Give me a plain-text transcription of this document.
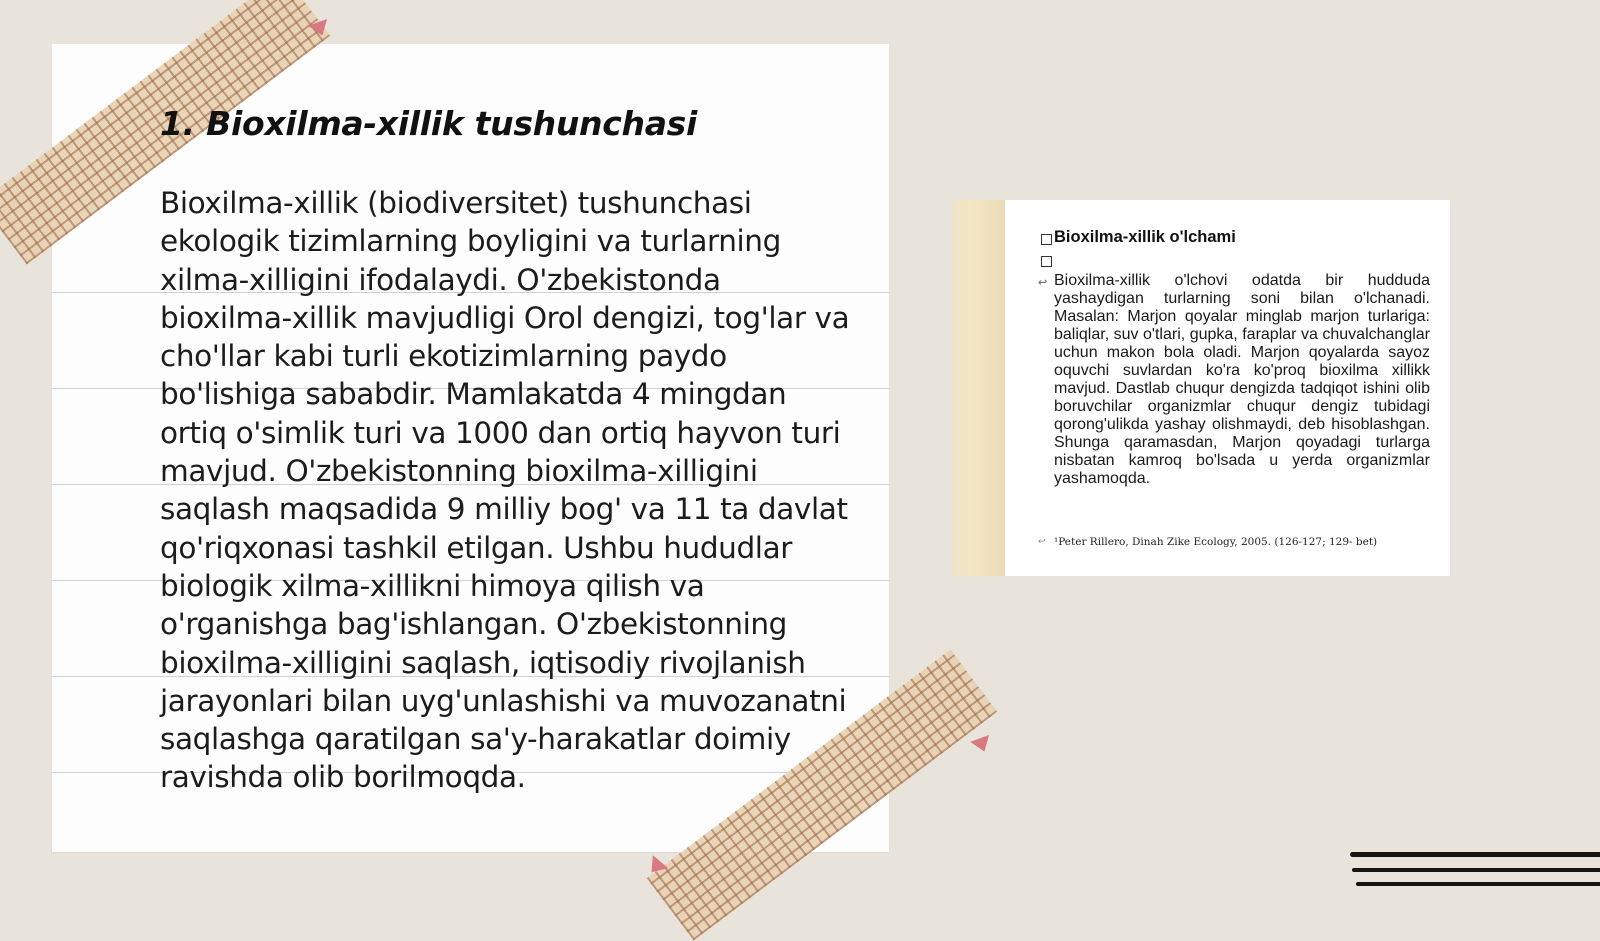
1. Bioxilma-xillik tushunchasi

Bioxilma-xillik (biodiversitet) tushunchasi ekologik tizimlarning boyligini va turlarning xilma-xilligini ifodalaydi. O'zbekistonda bioxilma-xillik mavjudligi Orol dengizi, tog'lar va cho'llar kabi turli ekotizimlarning paydo bo'lishiga sababdir. Mamlakatda 4 mingdan ortiq o'simlik turi va 1000 dan ortiq hayvon turi mavjud. O'zbekistonning bioxilma-xilligini saqlash maqsadida 9 milliy bog' va 11 ta davlat qo'riqxonasi tashkil etilgan. Ushbu hududlar biologik xilma-xillikni himoya qilish va o'rganishga bag'ishlangan. O'zbekistonning bioxilma-xilligini saqlash, iqtisodiy rivojlanish jarayonlari bilan uyg'unlashishi va muvozanatni saqlashga qaratilgan sa'y-harakatlar doimiy ravishda olib borilmoqda.

Bioxilma-xillik o'lchami
↩ Bioxilma-xillik o'lchovi odatda bir hudduda yashaydigan turlarning soni bilan o'lchanadi. Masalan: Marjon qoyalar minglab marjon turlariga: baliqlar, suv o'tlari, gupka, faraplar va chuvalchanglar uchun makon bola oladi. Marjon qoyalarda sayoz oquvchi suvlardan ko'ra ko'proq bioxilma xillikk mavjud. Dastlab chuqur dengizda tadqiqot ishini olib boruvchilar organizmlar chuqur dengiz tubidagi qorong'ulikda yashay olishmaydi, deb hisoblashgan. Shunga qaramasdan, Marjon qoyadagi turlarga nisbatan kamroq bo'lsada u yerda organizmlar yashamoqda.

↩ ¹Peter Rillero, Dinah Zike Ecology, 2005. (126-127; 129- bet)
